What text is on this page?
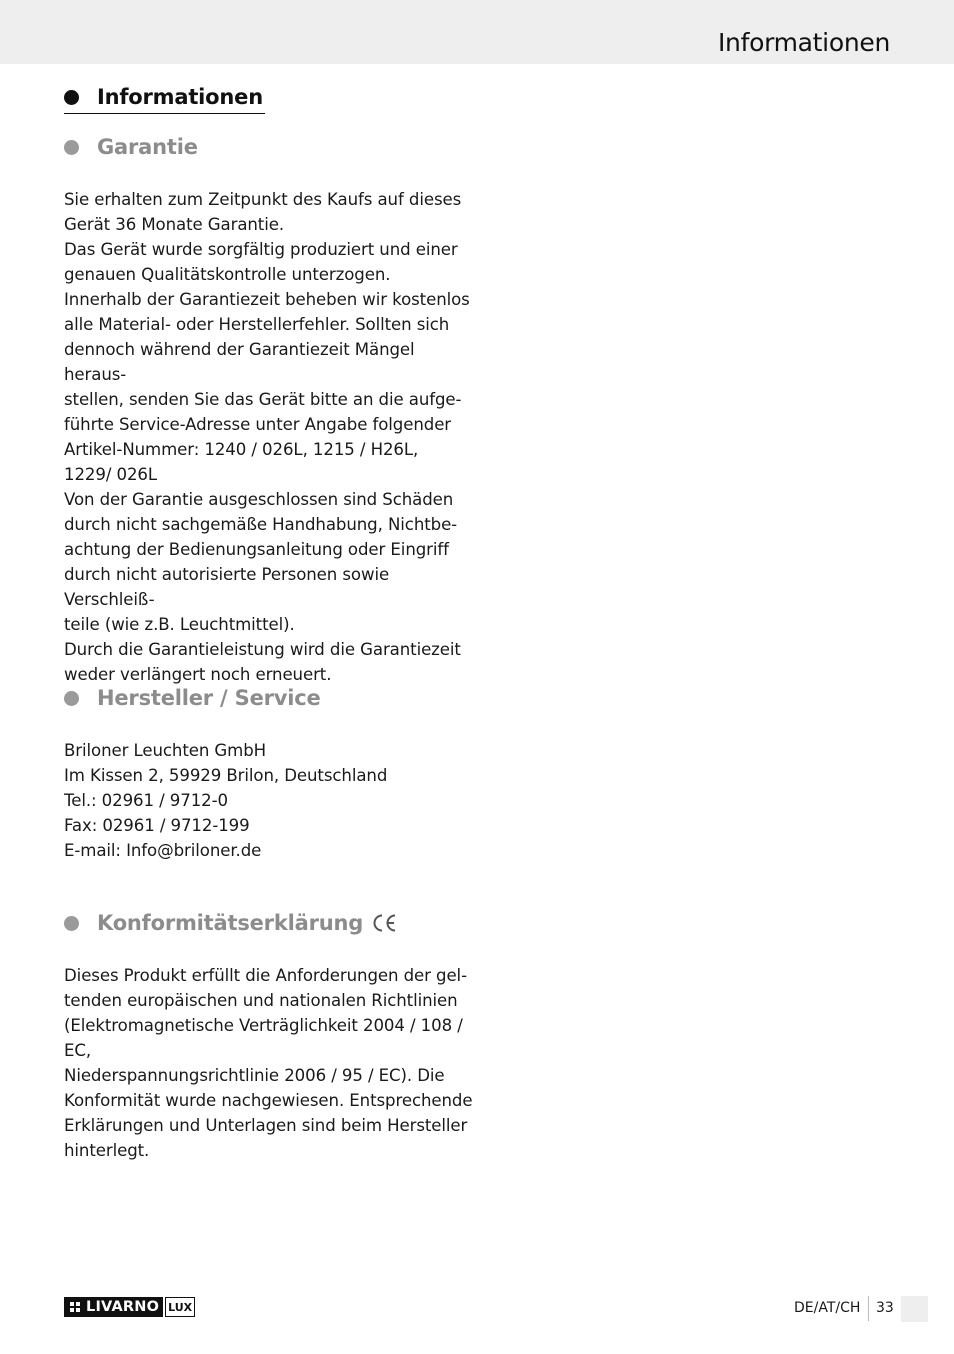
Informationen
Informationen
Garantie

Sie erhalten zum Zeitpunkt des Kaufs auf dieses
Gerät 36 Monate Garantie.
Das Gerät wurde sorgfältig produziert und einer
genauen Qualitätskontrolle unterzogen.
Innerhalb der Garantiezeit beheben wir kostenlos
alle Material- oder Herstellerfehler. Sollten sich
dennoch während der Garantiezeit Mängel heraus-
stellen, senden Sie das Gerät bitte an die aufge-
führte Service-Adresse unter Angabe folgender
Artikel-Nummer: 1240 / 026L, 1215 / H26L,
1229/ 026L
Von der Garantie ausgeschlossen sind Schäden
durch nicht sachgemäße Handhabung, Nichtbe-
achtung der Bedienungsanleitung oder Eingriff
durch nicht autorisierte Personen sowie Verschleiß-
teile (wie z.B. Leuchtmittel).
Durch die Garantieleistung wird die Garantiezeit
weder verlängert noch erneuert.

Hersteller / Service

Briloner Leuchten GmbH
Im Kissen 2, 59929 Brilon, Deutschland
Tel.: 02961 / 9712-0
Fax: 02961 / 9712-199
E-mail: Info@briloner.de

Konformitätserklärung

Dieses Produkt erfüllt die Anforderungen der gel-
tenden europäischen und nationalen Richtlinien
(Elektromagnetische Verträglichkeit 2004 / 108 / EC,
Niederspannungsrichtlinie 2006 / 95 / EC). Die
Konformität wurde nachgewiesen. Entsprechende
Erklärungen und Unterlagen sind beim Hersteller
hinterlegt.

LIVARNO LUX	DE/AT/CH 33
